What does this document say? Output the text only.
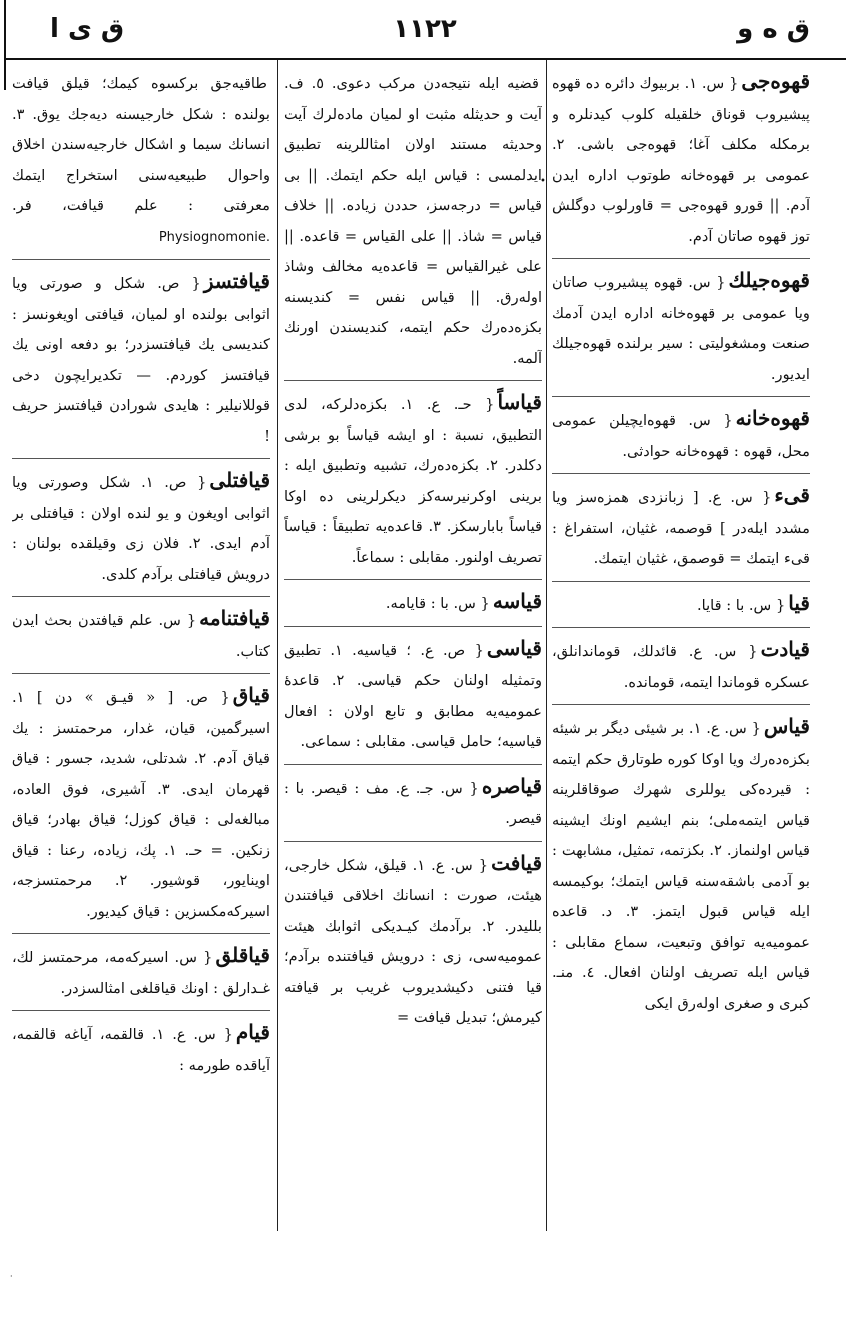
ق ه و
١١٢٢
ق ى ا
•

قهوه‌جى{ س. ١. بربيوك دائره ده قهوه پيشيروب قوناق خلقيله كلوب كيدنلره و برمكله مكلف آغا؛ قهوه‌جى باشى. ٢. عمومى بر قهوه‌خانه طوتوب اداره ايدن آدم. || قورو قهوه‌جى = قاورلوب دوگلش توز قهوه صاتان آدم.

قهوه‌جيلك{ س. قهوه پيشيروب صاتان ويا عمومى بر قهوه‌خانه اداره ايدن آدمك صنعت ومشغوليتى : سير برلنده قهوه‌جيلك ايديور.

قهوه‌خانه{ س. قهوه‌ايچيلن عمومى محل، قهوه : قهوه‌خانه حوادثى.

قىء{ س. ع. [ زبانزدى همزه‌سز ويا مشدد ايله‌در ] قوصمه، غثيان، استفراغ : قىء ايتمك = قوصمق، غثيان ايتمك.

قيا{ س. با : قايا.

قيادت{ س. ع. قائدلك، قوماندانلق، عسكره قوماندا ايتمه، قومانده.

قياس{ س. ع. ١. بر شيئى ديگر بر شيئه بكزه‌ده‌رك ويا اوكا كوره طوتارق حكم ايتمه : قيرده‌كى يوللرى شهرك صوقاقلرينه قياس ايتمه‌ملى؛ بنم ايشيم اونك ايشينه قياس اولنماز. ٢. بكزتمه، تمثيل، مشابهت : بو آدمى باشقه‌سنه قياس ايتمك؛ بوكيمسه ايله قياس قبول ايتمز. ٣. د. قاعده عموميه‌يه توافق وتبعيت، سماع مقابلى : قياس ايله تصريف اولنان افعال. ٤. منـ. كبرى و صغرى اوله‌رق ايكى

قضيه ايله نتيجه‌دن مركب دعوى. ٥. ف. آيت و حديثله مثبت او لميان ماده‌لرك آيت وحديثه مستند اولان امثاللرينه تطبيق ايدلمسى : قياس ايله حكم ايتمك. || بى قياس = درجه‌سز، حددن زياده. || خلاف قياس = شاذ. || على القياس = قاعده. || على غيرالقياس = قاعده‌يه مخالف وشاذ اوله‌رق. || قياس نفس = كنديسنه بكزه‌ده‌رك حكم ايتمه، كنديسندن اورنك آلمه.

قياساً{ حـ. ع. ١. بكزه‌دلركه، لدى التطبيق، نسبة : او ايشه قياساً بو برشى دكلدر. ٢. بكزه‌ده‌رك، تشبيه وتطبيق ايله : برينى اوكرنيرسه‌كز ديكرلرينى ده اوكا قياساً بابارسكز. ٣. قاعده‌يه تطبيقاً : قياساً تصريف اولنور. مقابلى : سماعاً.

قياسه{ س. با : قايامه.

قياسى{ ص. ع. ؛ قياسيه. ١. تطبيق وتمثيله اولنان حكم قياسى. ٢. قاعدۀ عموميه‌يه مطابق و تابع اولان : افعال قياسيه؛ حامل قياسى. مقابلى : سماعى.

قياصره{ س. جـ. ع. مف : قيصر. با : قيصر.

قيافت{ س. ع. ١. قيلق، شكل خارجى، هيئت، صورت : انسانك اخلاقى قيافتندن بلليدر. ٢. برآدمك كيـديكى اثوابك هيئت عموميه‌سى، زى : درويش قيافتنده برآدم؛ قيا فتنى دكيشديروب غريب بر قيافته كيرمش؛ تبديل قيافت =

طاقيه‌جق بركسوه كيمك؛ قيلق قيافت بولنده : شكل خارجيسنه ديه‌جك يوق. ٣. انسانك سيما و اشكال خارجيه‌سندن اخلاق واحوال طبيعيه‌سنى استخراج ايتمك معرفتى : علم قيافت، فر. Physiognomonie.

قيافتسز{ ص. شكل و صورتى ويا اثوابى بولنده او لميان، قيافتى اويغونسز : كنديسى يك قيافتسزدر؛ بو دفعه اونى يك قيافتسز كوردم. — تكديرايچون دخى قوللانيلير : هايدى شورادن قيافتسز حريف !

قيافتلى{ ص. ١. شكل وصورتى ويا اثوابى اويغون و يو لنده اولان : قيافتلى بر آدم ايدى. ٢. فلان زى وقيلقده بولنان : درويش قيافتلى برآدم كلدى.

قيافتنامه{ س. علم قيافتدن بحث ايدن كتاب.

قياق{ ص. [ « قيـق » دن ] ١. اسيرگمين، قيان، غدار، مرحمتسز : يك قياق آدم. ٢. شدتلى، شديد، جسور : قياق قهرمان ايدى. ٣. آشيرى، فوق العاده، مبالغه‌لى : قياق كوزل؛ قياق بهادر؛ قياق زنكين. = حـ. ١. پك، زياده، رعنا : قياق اوينايور، قوشيور. ٢. مرحمتسزجه، اسيركه‌مكسزين : قياق كيديور.

قياقلق{ س. اسيركه‌مه، مرحمتسز لك، غـدارلق : اونك قياقلغى امثالسزدر.

قيام{ س. ع. ١. قالقمه، آياغه قالقمه، آياقده طورمه :

·
